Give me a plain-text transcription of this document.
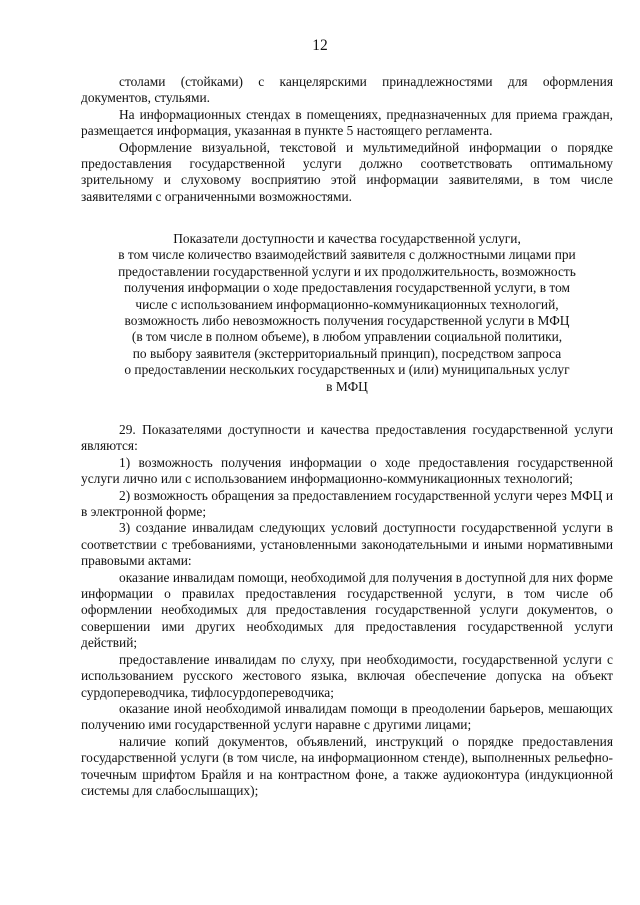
12

столами (стойками) с канцелярскими принадлежностями для оформления документов, стульями.

На информационных стендах в помещениях, предназначенных для приема граждан, размещается информация, указанная в пункте 5 настоящего регламента.

Оформление визуальной, текстовой и мультимедийной информации о порядке предоставления государственной услуги должно соответствовать оптимальному зрительному и слуховому восприятию этой информации заявителями, в том числе заявителями с ограниченными возможностями.

Показатели доступности и качества государственной услуги,
в том числе количество взаимодействий заявителя с должностными лицами при
предоставлении государственной услуги и их продолжительность, возможность
получения информации о ходе предоставления государственной услуги, в том
числе с использованием информационно-коммуникационных технологий,
возможность либо невозможность получения государственной услуги в МФЦ
(в том числе в полном объеме), в любом управлении социальной политики,
по выбору заявителя (экстерриториальный принцип), посредством запроса
о предоставлении нескольких государственных и (или) муниципальных услуг
в МФЦ

29. Показателями доступности и качества предоставления государственной услуги являются:

1) возможность получения информации о ходе предоставления государственной услуги лично или с использованием информационно-коммуникационных технологий;

2) возможность обращения за предоставлением государственной услуги через МФЦ и в электронной форме;

3) создание инвалидам следующих условий доступности государственной услуги в соответствии с требованиями, установленными законодательными и иными нормативными правовыми актами:

оказание инвалидам помощи, необходимой для получения в доступной для них форме информации о правилах предоставления государственной услуги, в том числе об оформлении необходимых для предоставления государственной услуги документов, о совершении ими других необходимых для предоставления государственной услуги действий;

предоставление инвалидам по слуху, при необходимости, государственной услуги с использованием русского жестового языка, включая обеспечение допуска на объект сурдопереводчика, тифлосурдопереводчика;

оказание иной необходимой инвалидам помощи в преодолении барьеров, мешающих получению ими государственной услуги наравне с другими лицами;

наличие копий документов, объявлений, инструкций о порядке предоставления государственной услуги (в том числе, на информационном стенде), выполненных рельефно-точечным шрифтом Брайля и на контрастном фоне, а также аудиоконтура (индукционной системы для слабослышащих);
